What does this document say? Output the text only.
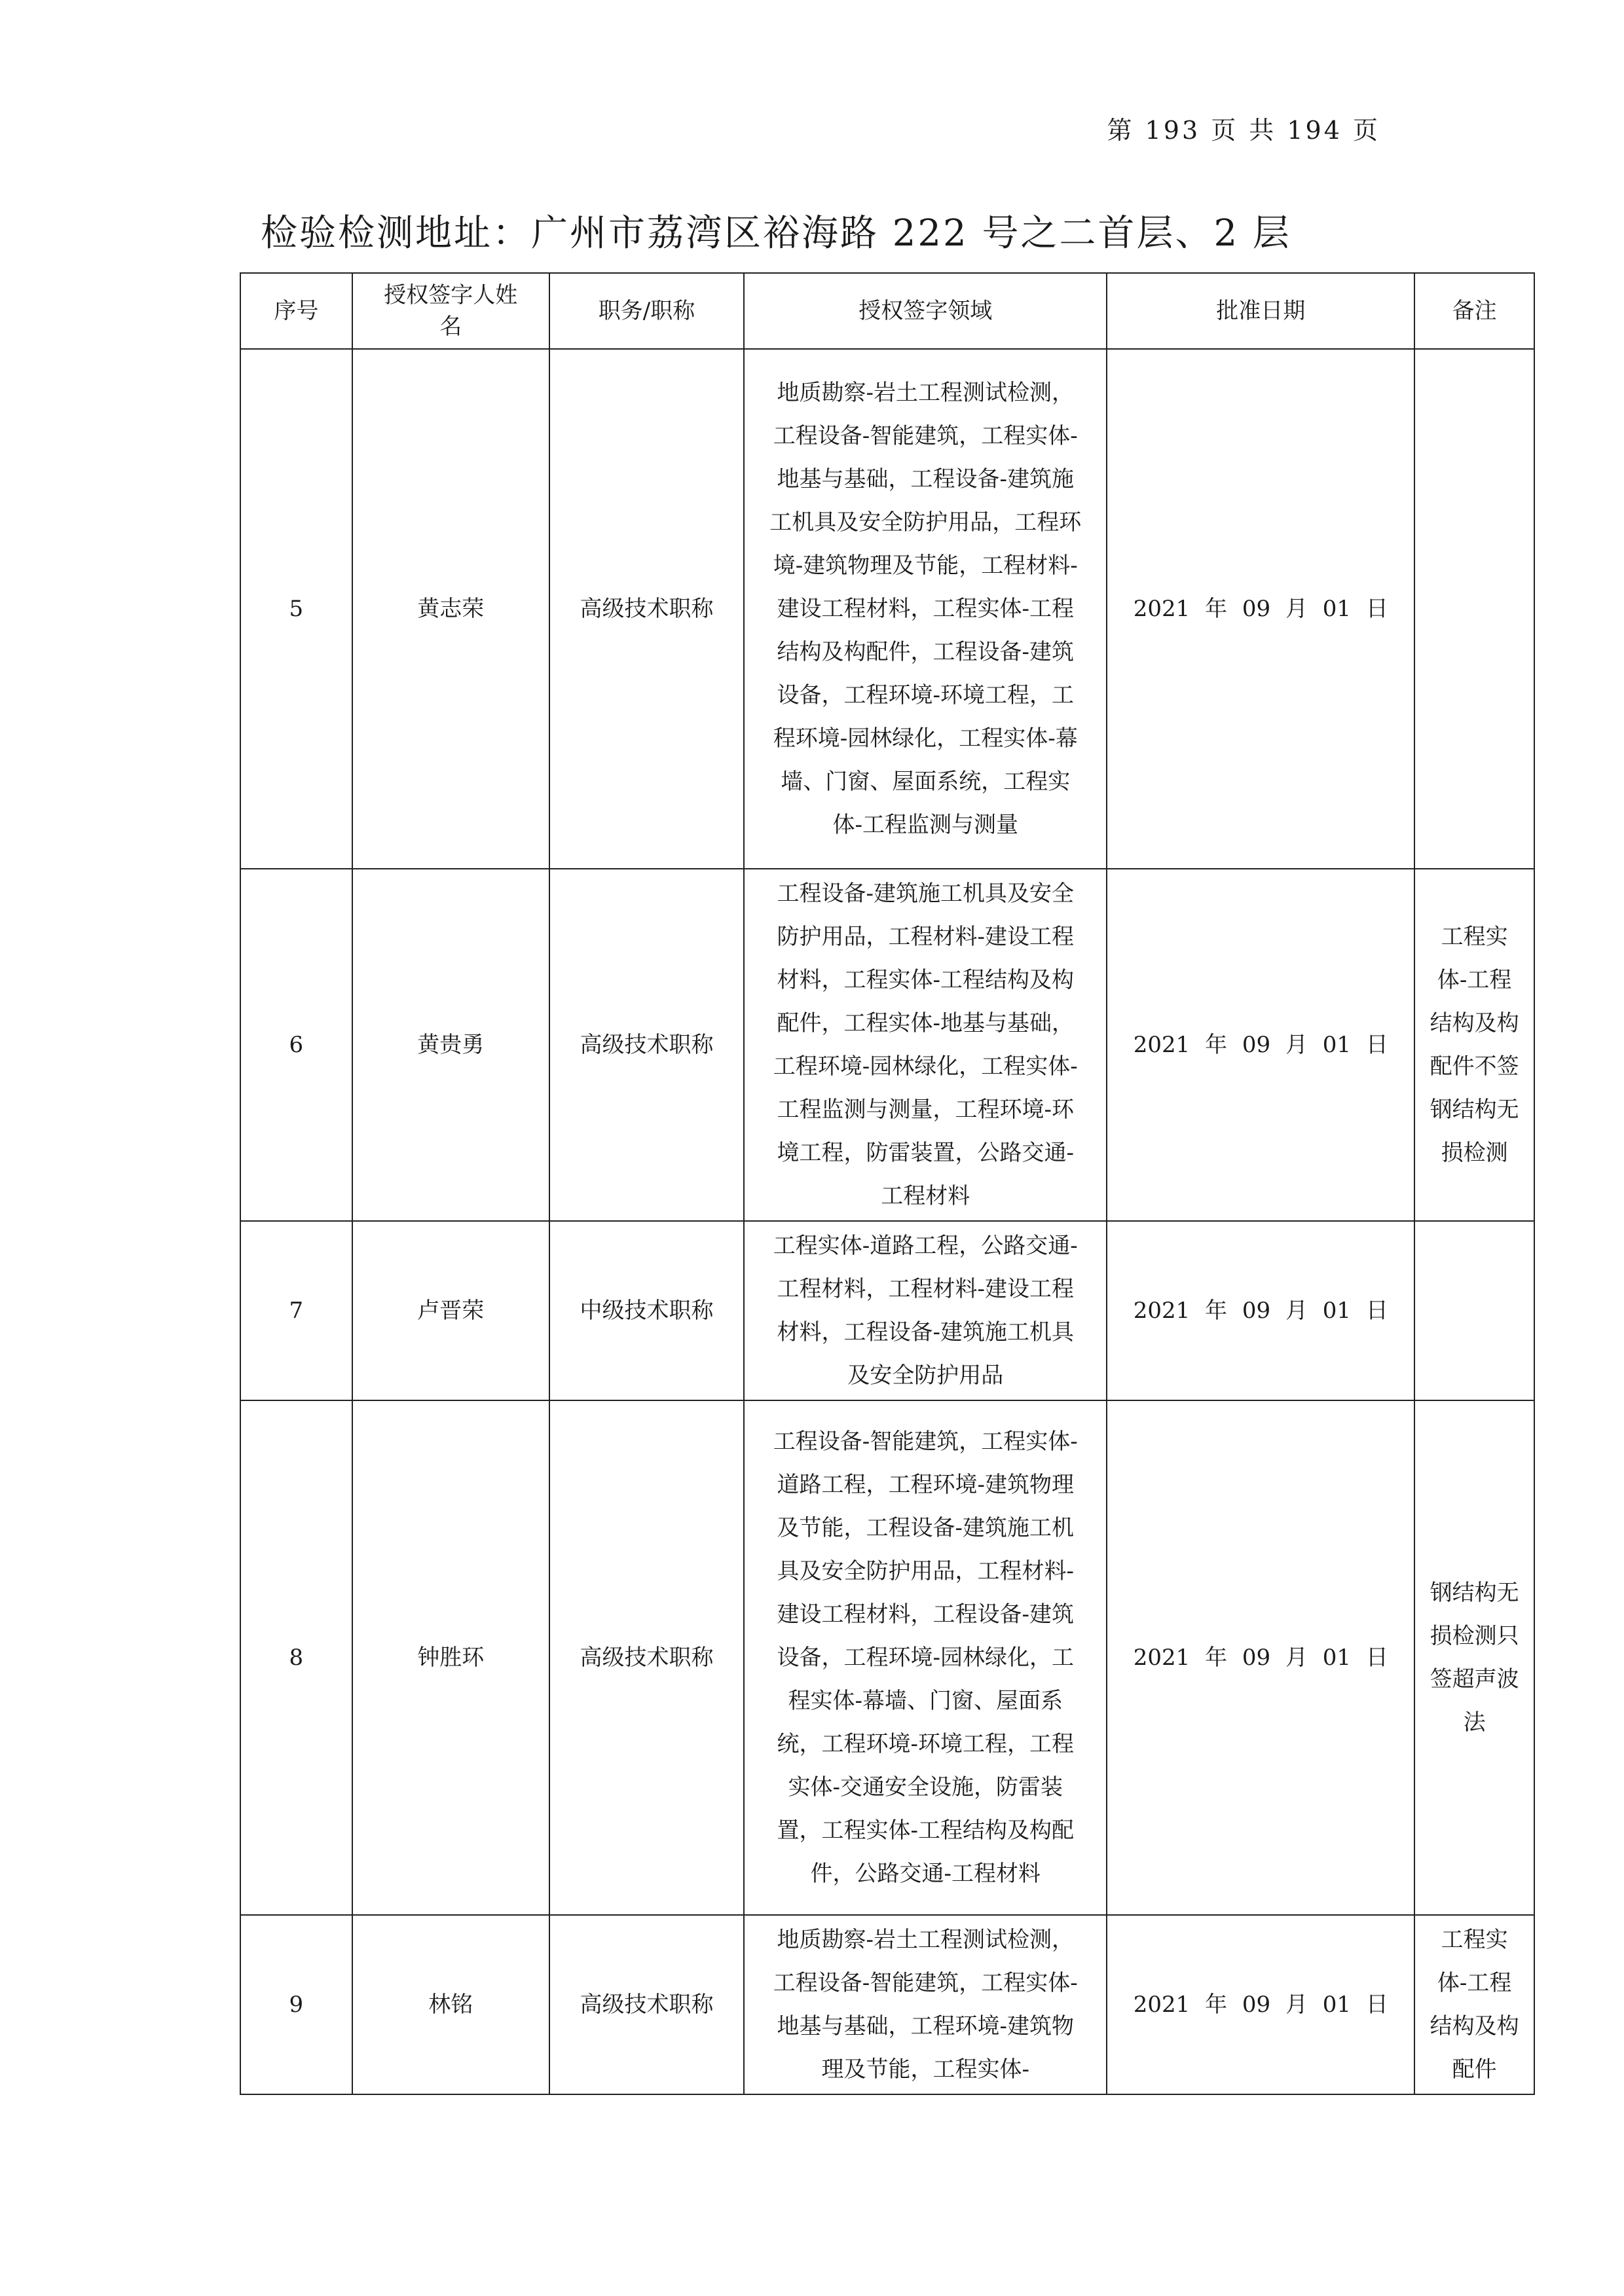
第 193 页 共 194 页
检验检测地址：广州市荔湾区裕海路 222 号之二首层、2 层
序号	授权签字人姓名	职务/职称	授权签字领域	批准日期	备注
5	黄志荣	高级技术职称	地质勘察-岩土工程测试检测，工程设备-智能建筑，工程实体-地基与基础，工程设备-建筑施工机具及安全防护用品，工程环境-建筑物理及节能，工程材料-建设工程材料，工程实体-工程结构及构配件，工程设备-建筑设备，工程环境-环境工程，工程环境-园林绿化，工程实体-幕墙、门窗、屋面系统，工程实体-工程监测与测量	2021 年 09 月 01 日	
6	黄贵勇	高级技术职称	工程设备-建筑施工机具及安全防护用品，工程材料-建设工程材料，工程实体-工程结构及构配件，工程实体-地基与基础，工程环境-园林绿化，工程实体-工程监测与测量，工程环境-环境工程，防雷装置，公路交通-工程材料	2021 年 09 月 01 日	工程实体-工程结构及构配件不签钢结构无损检测
7	卢晋荣	中级技术职称	工程实体-道路工程，公路交通-工程材料，工程材料-建设工程材料，工程设备-建筑施工机具及安全防护用品	2021 年 09 月 01 日	
8	钟胜环	高级技术职称	工程设备-智能建筑，工程实体-道路工程，工程环境-建筑物理及节能，工程设备-建筑施工机具及安全防护用品，工程材料-建设工程材料，工程设备-建筑设备，工程环境-园林绿化，工程实体-幕墙、门窗、屋面系统，工程环境-环境工程，工程实体-交通安全设施，防雷装置，工程实体-工程结构及构配件，公路交通-工程材料	2021 年 09 月 01 日	钢结构无损检测只签超声波法
9	林铭	高级技术职称	地质勘察-岩土工程测试检测，工程设备-智能建筑，工程实体-地基与基础，工程环境-建筑物理及节能，工程实体-	2021 年 09 月 01 日	工程实体-工程结构及构配件
